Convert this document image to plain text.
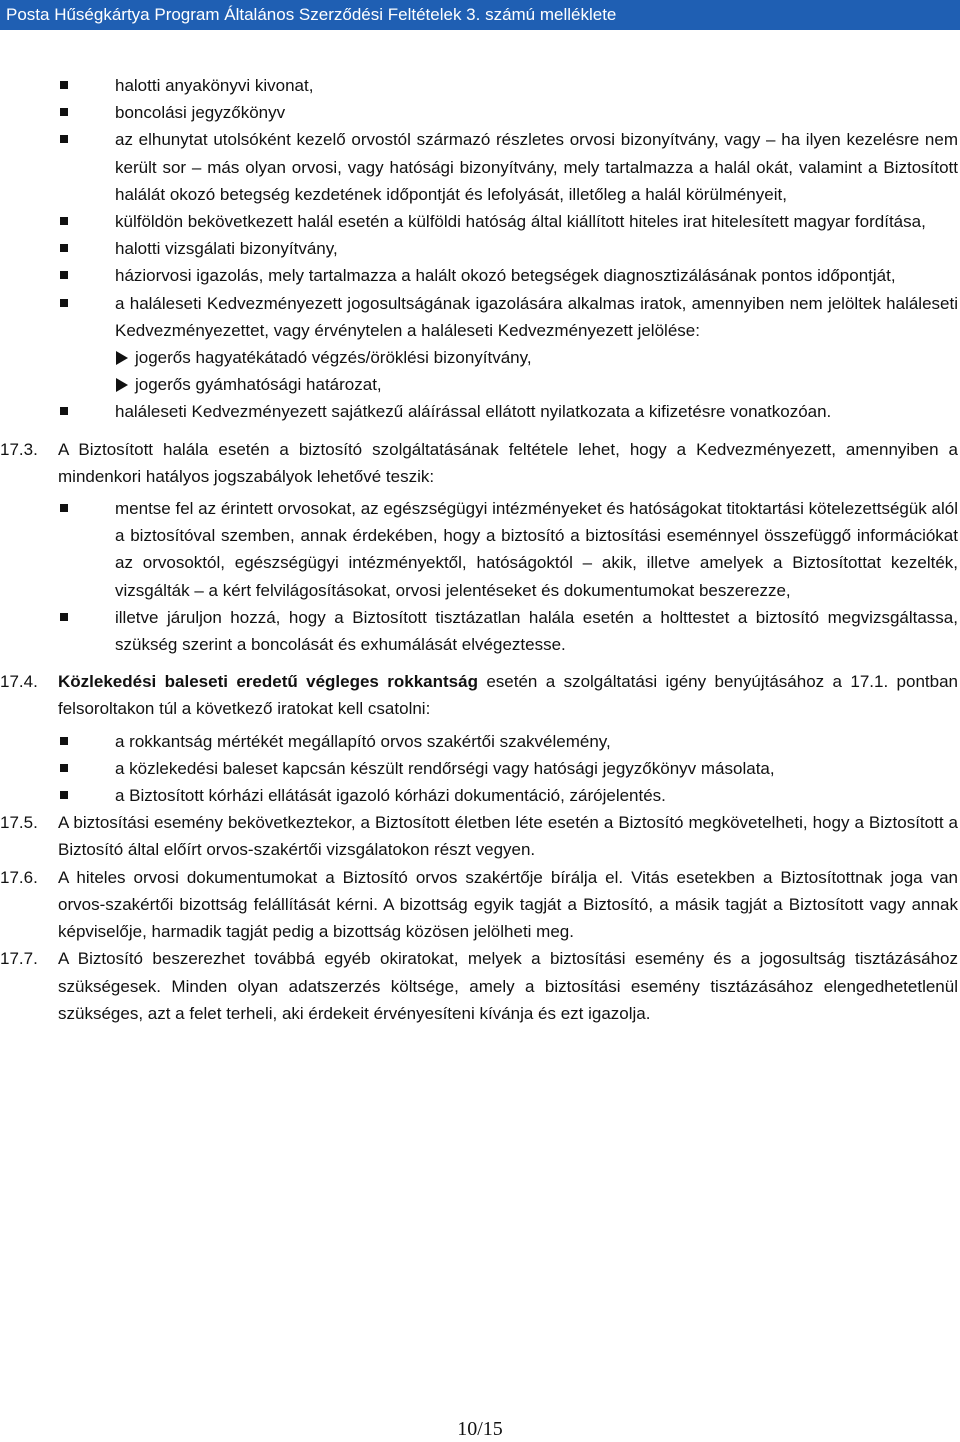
Posta Hűségkártya Program Általános Szerződési Feltételek 3. számú melléklete
halotti anyakönyvi kivonat,
boncolási jegyzőkönyv
az elhunytat utolsóként kezelő orvostól származó részletes orvosi bizonyítvány, vagy – ha ilyen kezelésre nem került sor – más olyan orvosi, vagy hatósági bizonyítvány, mely tartalmazza a halál okát, valamint a Biztosított halálát okozó betegség kezdetének időpontját és lefolyását, illetőleg a halál körülményeit,
külföldön bekövetkezett halál esetén a külföldi hatóság által kiállított hiteles irat hitelesített magyar fordítása,
halotti vizsgálati bizonyítvány,
háziorvosi igazolás, mely tartalmazza a halált okozó betegségek diagnosztizálásának pontos időpontját,
a haláleseti Kedvezményezett jogosultságának igazolására alkalmas iratok, amennyiben nem jelöltek haláleseti Kedvezményezettet, vagy érvénytelen a haláleseti Kedvezményezett jelölése:
jogerős hagyatékátadó végzés/öröklési bizonyítvány,
jogerős gyámhatósági határozat,
haláleseti Kedvezményezett sajátkezű aláírással ellátott nyilatkozata a kifizetésre vonatkozóan.
17.3. A Biztosított halála esetén a biztosító szolgáltatásának feltétele lehet, hogy a Kedvezményezett, amennyiben a mindenkori hatályos jogszabályok lehetővé teszik:
mentse fel az érintett orvosokat, az egészségügyi intézményeket és hatóságokat titoktartási kötelezettségük alól a biztosítóval szemben, annak érdekében, hogy a biztosító a biztosítási eseménnyel összefüggő információkat az orvosoktól, egészségügyi intézményektől, hatóságoktól – akik, illetve amelyek a Biztosítottat kezelték, vizsgálták – a kért felvilágosításokat, orvosi jelentéseket és dokumentumokat beszerezze,
illetve járuljon hozzá, hogy a Biztosított tisztázatlan halála esetén a holttestet a biztosító megvizsgáltassa, szükség szerint a boncolását és exhumálását elvégeztesse.
17.4. Közlekedési baleseti eredetű végleges rokkantság esetén a szolgáltatási igény benyújtásához a 17.1. pontban felsoroltakon túl a következő iratokat kell csatolni:
a rokkantság mértékét megállapító orvos szakértői szakvélemény,
a közlekedési baleset kapcsán készült rendőrségi vagy hatósági jegyzőkönyv másolata,
a Biztosított kórházi ellátását igazoló kórházi dokumentáció, zárójelentés.
17.5. A biztosítási esemény bekövetkeztekor, a Biztosított életben léte esetén a Biztosító megkövetelheti, hogy a Biztosított a Biztosító által előírt orvos-szakértői vizsgálatokon részt vegyen.
17.6. A hiteles orvosi dokumentumokat a Biztosító orvos szakértője bírálja el. Vitás esetekben a Biztosítottnak joga van orvos-szakértői bizottság felállítását kérni. A bizottság egyik tagját a Biztosító, a másik tagját a Biztosított vagy annak képviselője, harmadik tagját pedig a bizottság közösen jelölheti meg.
17.7. A Biztosító beszerezhet továbbá egyéb okiratokat, melyek a biztosítási esemény és a jogosultság tisztázásához szükségesek. Minden olyan adatszerzés költsége, amely a biztosítási esemény tisztázásához elengedhetetlenül szükséges, azt a felet terheli, aki érdekeit érvényesíteni kívánja és ezt igazolja.
10/15
